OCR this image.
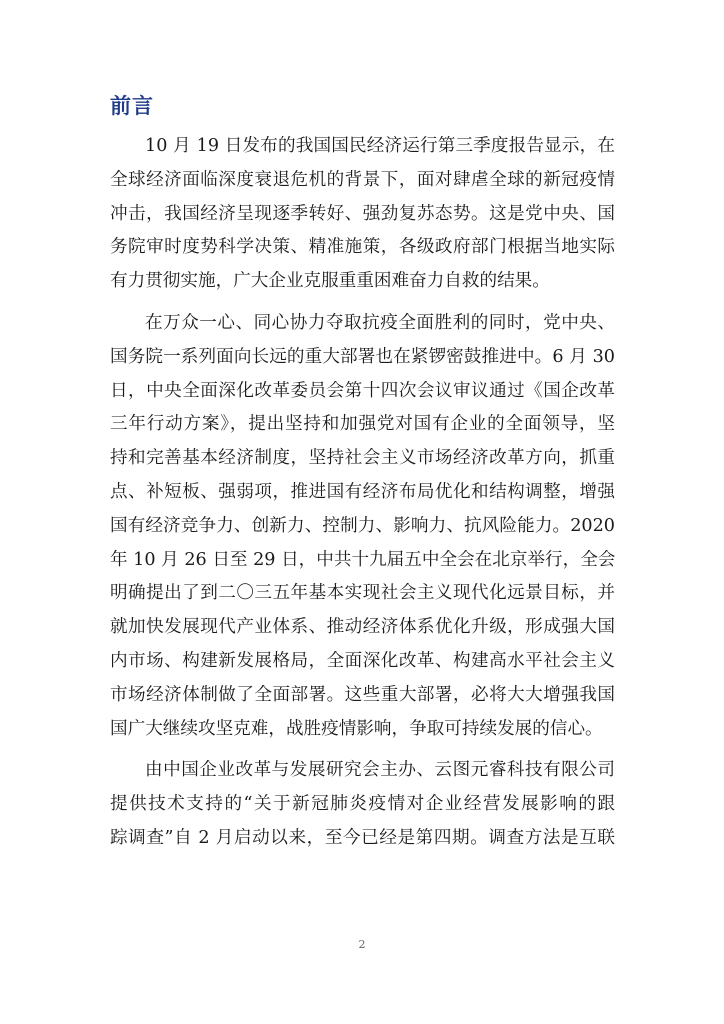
前言
10 月 19 日发布的我国国民经济运行第三季度报告显示，在
全球经济面临深度衰退危机的背景下，面对肆虐全球的新冠疫情
冲击，我国经济呈现逐季转好、强劲复苏态势。这是党中央、国
务院审时度势科学决策、精准施策，各级政府部门根据当地实际
有力贯彻实施，广大企业克服重重困难奋力自救的结果。
在万众一心、同心协力夺取抗疫全面胜利的同时，党中央、
国务院一系列面向长远的重大部署也在紧锣密鼓推进中。6 月 30
日，中央全面深化改革委员会第十四次会议审议通过《国企改革
三年行动方案》，提出坚持和加强党对国有企业的全面领导，坚
持和完善基本经济制度，坚持社会主义市场经济改革方向，抓重
点、补短板、强弱项，推进国有经济布局优化和结构调整，增强
国有经济竞争力、创新力、控制力、影响力、抗风险能力。2020
年 10 月 26 日至 29 日，中共十九届五中全会在北京举行，全会
明确提出了到二〇三五年基本实现社会主义现代化远景目标，并
就加快发展现代产业体系、推动经济体系优化升级，形成强大国
内市场、构建新发展格局，全面深化改革、构建高水平社会主义
市场经济体制做了全面部署。这些重大部署，必将大大增强我国
国广大继续攻坚克难，战胜疫情影响，争取可持续发展的信心。
由中国企业改革与发展研究会主办、云图元睿科技有限公司
提供技术支持的“关于新冠肺炎疫情对企业经营发展影响的跟
踪调查”自 2 月启动以来，至今已经是第四期。调查方法是互联
2
